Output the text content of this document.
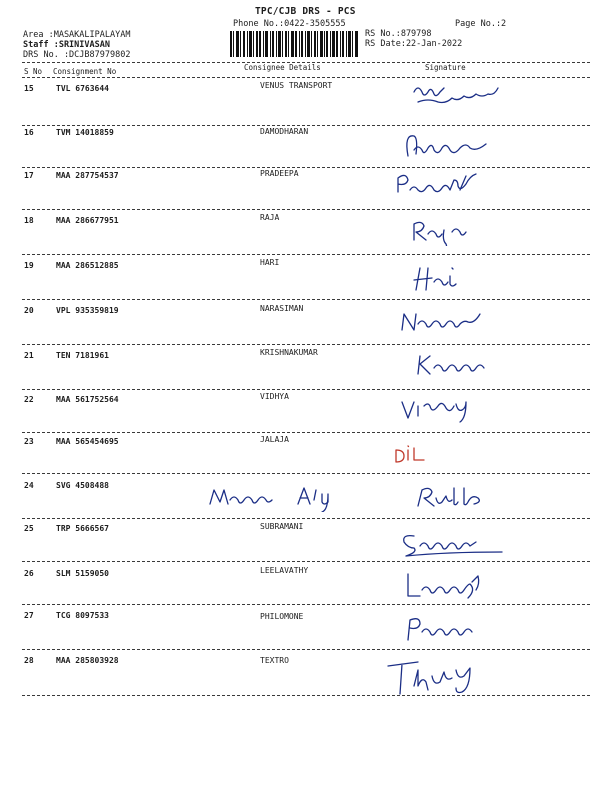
TPC/CJB DRS - PCS
Phone No.:0422-3505555	Page No.:2
RS No.:879798
RS Date:22-Jan-2022
Area :MASAKALIPALAYAM
Staff :SRINIVASAN
DRS No. :DCJB87979802
S No Consignment No	Consignee Details	Signature
15	TVL 6763644	VENUS TRANSPORT
16	TVM 14018859	DAMODHARAN
17	MAA 287754537	PRADEEPA
18	MAA 286677951	RAJA
19	MAA 286512885	HARI
20	VPL 935359819	NARASIMAN
21	TEN 7181961	KRISHNAKUMAR
22	MAA 561752564	VIDHYA
23	MAA 565454695	JALAJA
24	SVG 4508488
25	TRP 5666567	SUBRAMANI
26	SLM 5159050	LEELAVATHY
27	TCG 8097533	PHILOMONE
28	MAA 285803928	TEXTRO
